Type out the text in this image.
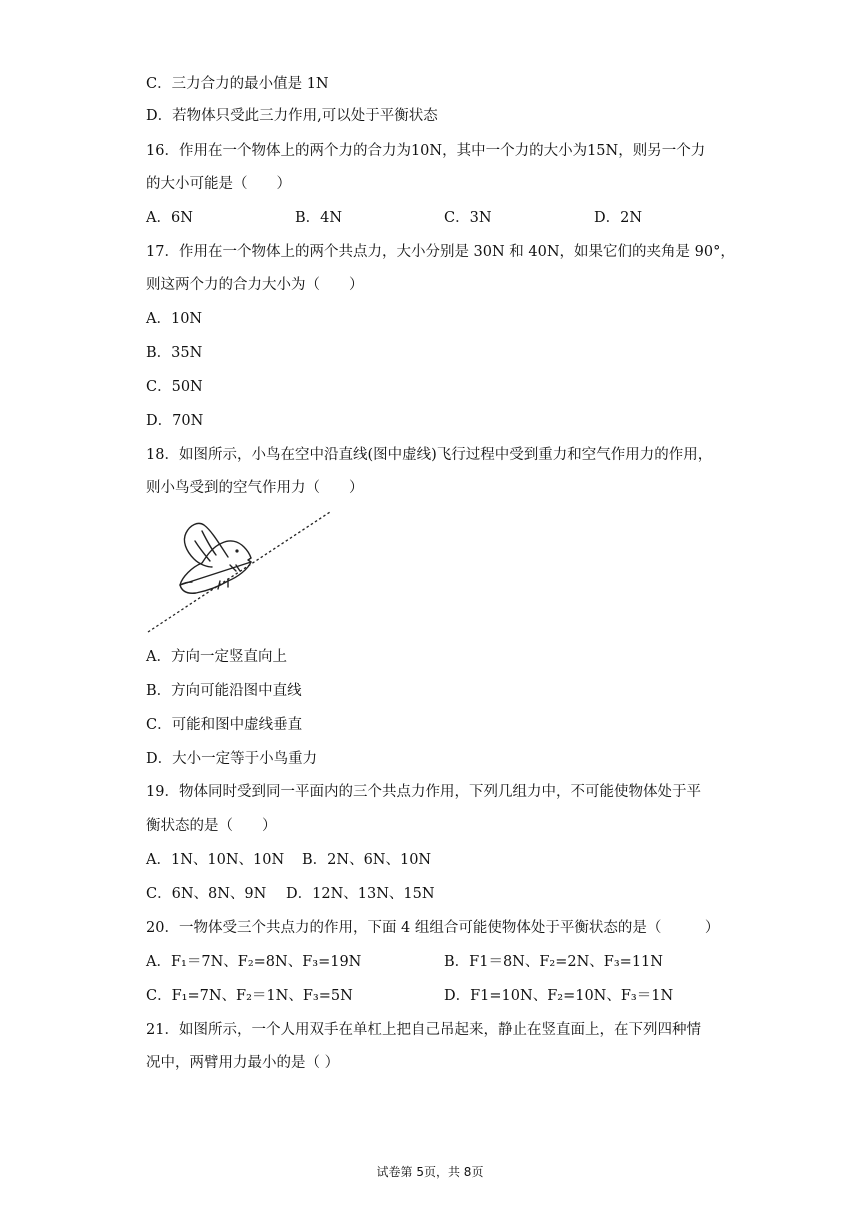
C．三力合力的最小值是 1N
D．若物体只受此三力作用,可以处于平衡状态
16．作用在一个物体上的两个力的合力为10N，其中一个力的大小为15N，则另一个力
的大小可能是（　　）
A．6N	B．4N	C．3N	D．2N
17．作用在一个物体上的两个共点力，大小分别是 30N 和 40N，如果它们的夹角是 90°，
则这两个力的合力大小为（　　）
A．10N
B．35N
C．50N
D．70N
18．如图所示，小鸟在空中沿直线(图中虚线)飞行过程中受到重力和空气作用力的作用，
则小鸟受到的空气作用力（　　）
A．方向一定竖直向上
B．方向可能沿图中直线
C．可能和图中虚线垂直
D．大小一定等于小鸟重力
19．物体同时受到同一平面内的三个共点力作用，下列几组力中，不可能使物体处于平
衡状态的是（　　）
A．1N、10N、10N B．2N、6N、10N
C．6N、8N、9N D．12N、13N、15N
20．一物体受三个共点力的作用，下面 4 组组合可能使物体处于平衡状态的是（　　　）
A．F₁＝7N、F₂=8N、F₃=19N	B．F1＝8N、F₂=2N、F₃=11N
C．F₁=7N、F₂＝1N、F₃=5N	D．F1=10N、F₂=10N、F₃＝1N
21．如图所示，一个人用双手在单杠上把自己吊起来，静止在竖直面上，在下列四种情
况中，两臂用力最小的是（ ）
试卷第 5页，共 8页
